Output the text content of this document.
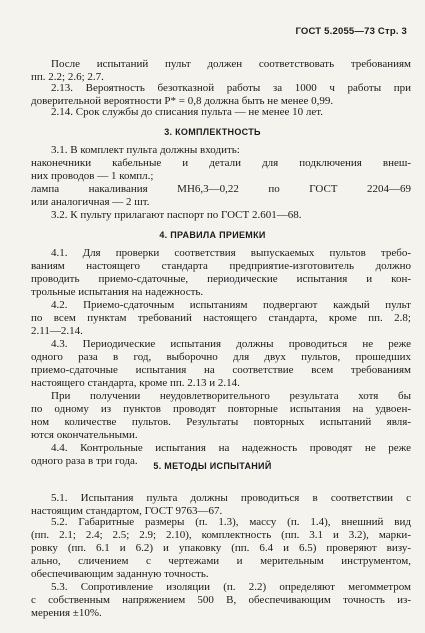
ГОСТ 5.2055—73 Стр. 3
3. КОМПЛЕКТНОСТЬ
4. ПРАВИЛА ПРИЕМКИ
5. МЕТОДЫ ИСПЫТАНИЙ
После испытаний пульт должен соответствовать требованиям
пп. 2.2; 2.6; 2.7.
2.13. Вероятность безотказной работы за 1000 ч работы при
доверительной вероятности P* = 0,8 должна быть не менее 0,99.
2.14. Срок службы до списания пульта — не менее 10 лет.
3.1. В комплект пульта должны входить:
наконечники кабельные и детали для подключения внеш-
них проводов — 1 компл.;
лампа накаливания МН6,3—0,22 по ГОСТ 2204—69
или аналогичная — 2 шт.
3.2. К пульту прилагают паспорт по ГОСТ 2.601—68.
4.1. Для проверки соответствия выпускаемых пультов требо-
ваниям настоящего стандарта предприятие-изготовитель должно
проводить приемо-сдаточные, периодические испытания и кон-
трольные испытания на надежность.
4.2. Приемо-сдаточным испытаниям подвергают каждый пульт
по всем пунктам требований настоящего стандарта, кроме пп. 2.8;
2.11—2.14.
4.3. Периодические испытания должны проводиться не реже
одного раза в год, выборочно для двух пультов, прошедших
приемо-сдаточные испытания на соответствие всем требованиям
настоящего стандарта, кроме пп. 2.13 и 2.14.
При получении неудовлетворительного результата хотя бы
по одному из пунктов проводят повторные испытания на удвоен-
ном количестве пультов. Результаты повторных испытаний явля-
ются окончательными.
4.4. Контрольные испытания на надежность проводят не реже
одного раза в три года.
5.1. Испытания пульта должны проводиться в соответствии с
настоящим стандартом, ГОСТ 9763—67.
5.2. Габаритные размеры (п. 1.3), массу (п. 1.4), внешний вид
(пп. 2.1; 2.4; 2.5; 2.9; 2.10), комплектность (пп. 3.1 и 3.2), марки-
ровку (пп. 6.1 и 6.2) и упаковку (пп. 6.4 и 6.5) проверяют визу-
ально, сличением с чертежами и мерительным инструментом,
обеспечивающим заданную точность.
5.3. Сопротивление изоляции (п. 2.2) определяют мегомметром
с собственным напряжением 500 В, обеспечивающим точность из-
мерения ±10%.
